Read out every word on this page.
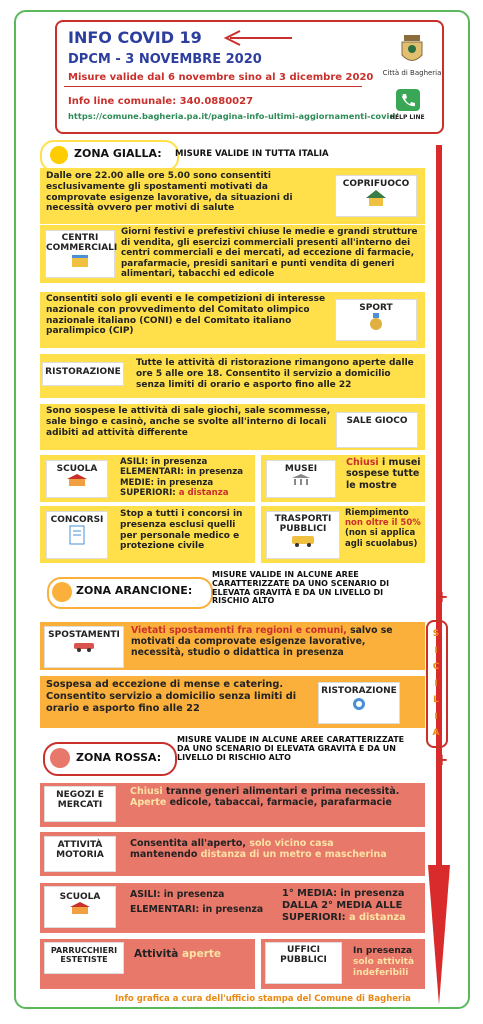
INFO COVID 19
DPCM - 3 NOVEMBRE 2020
Misure valide dal 6 novembre sino al 3 dicembre 2020
Info line comunale: 340.0880027
https://comune.bagheria.pa.it/pagina-info-ultimi-aggiornamenti-covid/
Città di Bagheria
HELP LINE
ZONA GIALLA: MISURE VALIDE IN TUTTA ITALIA
Dalle ore 22.00 alle ore 5.00 sono consentiti esclusivamente gli spostamenti motivati da comprovate esigenze lavorative, da situazioni di necessità ovvero per motivi di salute
COPRIFUOCO
CENTRI COMMERCIALI
Giorni festivi e prefestivi chiuse le medie e grandi strutture di vendita, gli esercizi commerciali presenti all'interno dei centri commerciali e dei mercati, ad eccezione di farmacie, parafarmacie, presidi sanitari e punti vendita di generi alimentari, tabacchi ed edicole
Consentiti solo gli eventi e le competizioni di interesse nazionale con provvedimento del Comitato olimpico nazionale italiano (CONI) e del Comitato italiano paralimpico (CIP)
SPORT
RISTORAZIONE
Tutte le attività di ristorazione rimangono aperte dalle ore 5 alle ore 18. Consentito il servizio a domicilio senza limiti di orario e asporto fino alle 22
Sono sospese le attività di sale giochi, sale scommesse, sale bingo e casinò, anche se svolte all'interno di locali adibiti ad attività differente
SALE GIOCO
SCUOLA
ASILI: in presenza
ELEMENTARI: in presenza
MEDIE: in presenza
SUPERIORI: a distanza
MUSEI
Chiusi i musei sospese tutte le mostre
CONCORSI
Stop a tutti i concorsi in presenza esclusi quelli per personale medico e protezione civile
TRASPORTI PUBBLICI
Riempimento
non oltre il 50%
(non si applica agli scuolabus)
ZONA ARANCIONE:
MISURE VALIDE IN ALCUNE AREE CARATTERIZZATE DA UNO SCENARIO DI ELEVATA GRAVITÀ E DA UN LIVELLO DI RISCHIO ALTO	+
SPOSTAMENTI	Vietati spostamenti fra regioni e comuni, salvo se motivati da comprovate esigenze lavorative, necessità, studio o didattica in presenza
Sospesa ad eccezione di mense e catering. Consentito servizio a domicilio senza limiti di orario e asporto fino alle 22
RISTORAZIONE
S
I
C
I
L
I
A
ZONA ROSSA:
MISURE VALIDE IN ALCUNE AREE CARATTERIZZATE DA UNO SCENARIO DI ELEVATA GRAVITÀ E DA UN LIVELLO DI RISCHIO ALTO	+
NEGOZI E MERCATI
Chiusi tranne generi alimentari e prima necessità.
Aperte edicole, tabaccai, farmacie, parafarmacie
ATTIVITÀ MOTORIA
Consentita all'aperto, solo vicino casa
mantenendo distanza di un metro e mascherina
SCUOLA	ASILI: in presenza
ELEMENTARI: in presenza
1° MEDIA: in presenza
DALLA 2° MEDIA ALLE
SUPERIORI: a distanza
PARRUCCHIERI ESTETISTE	Attività aperte	UFFICI PUBBLICI
In presenza
solo attività indeferibili
Info grafica a cura dell'ufficio stampa del Comune di Bagheria
